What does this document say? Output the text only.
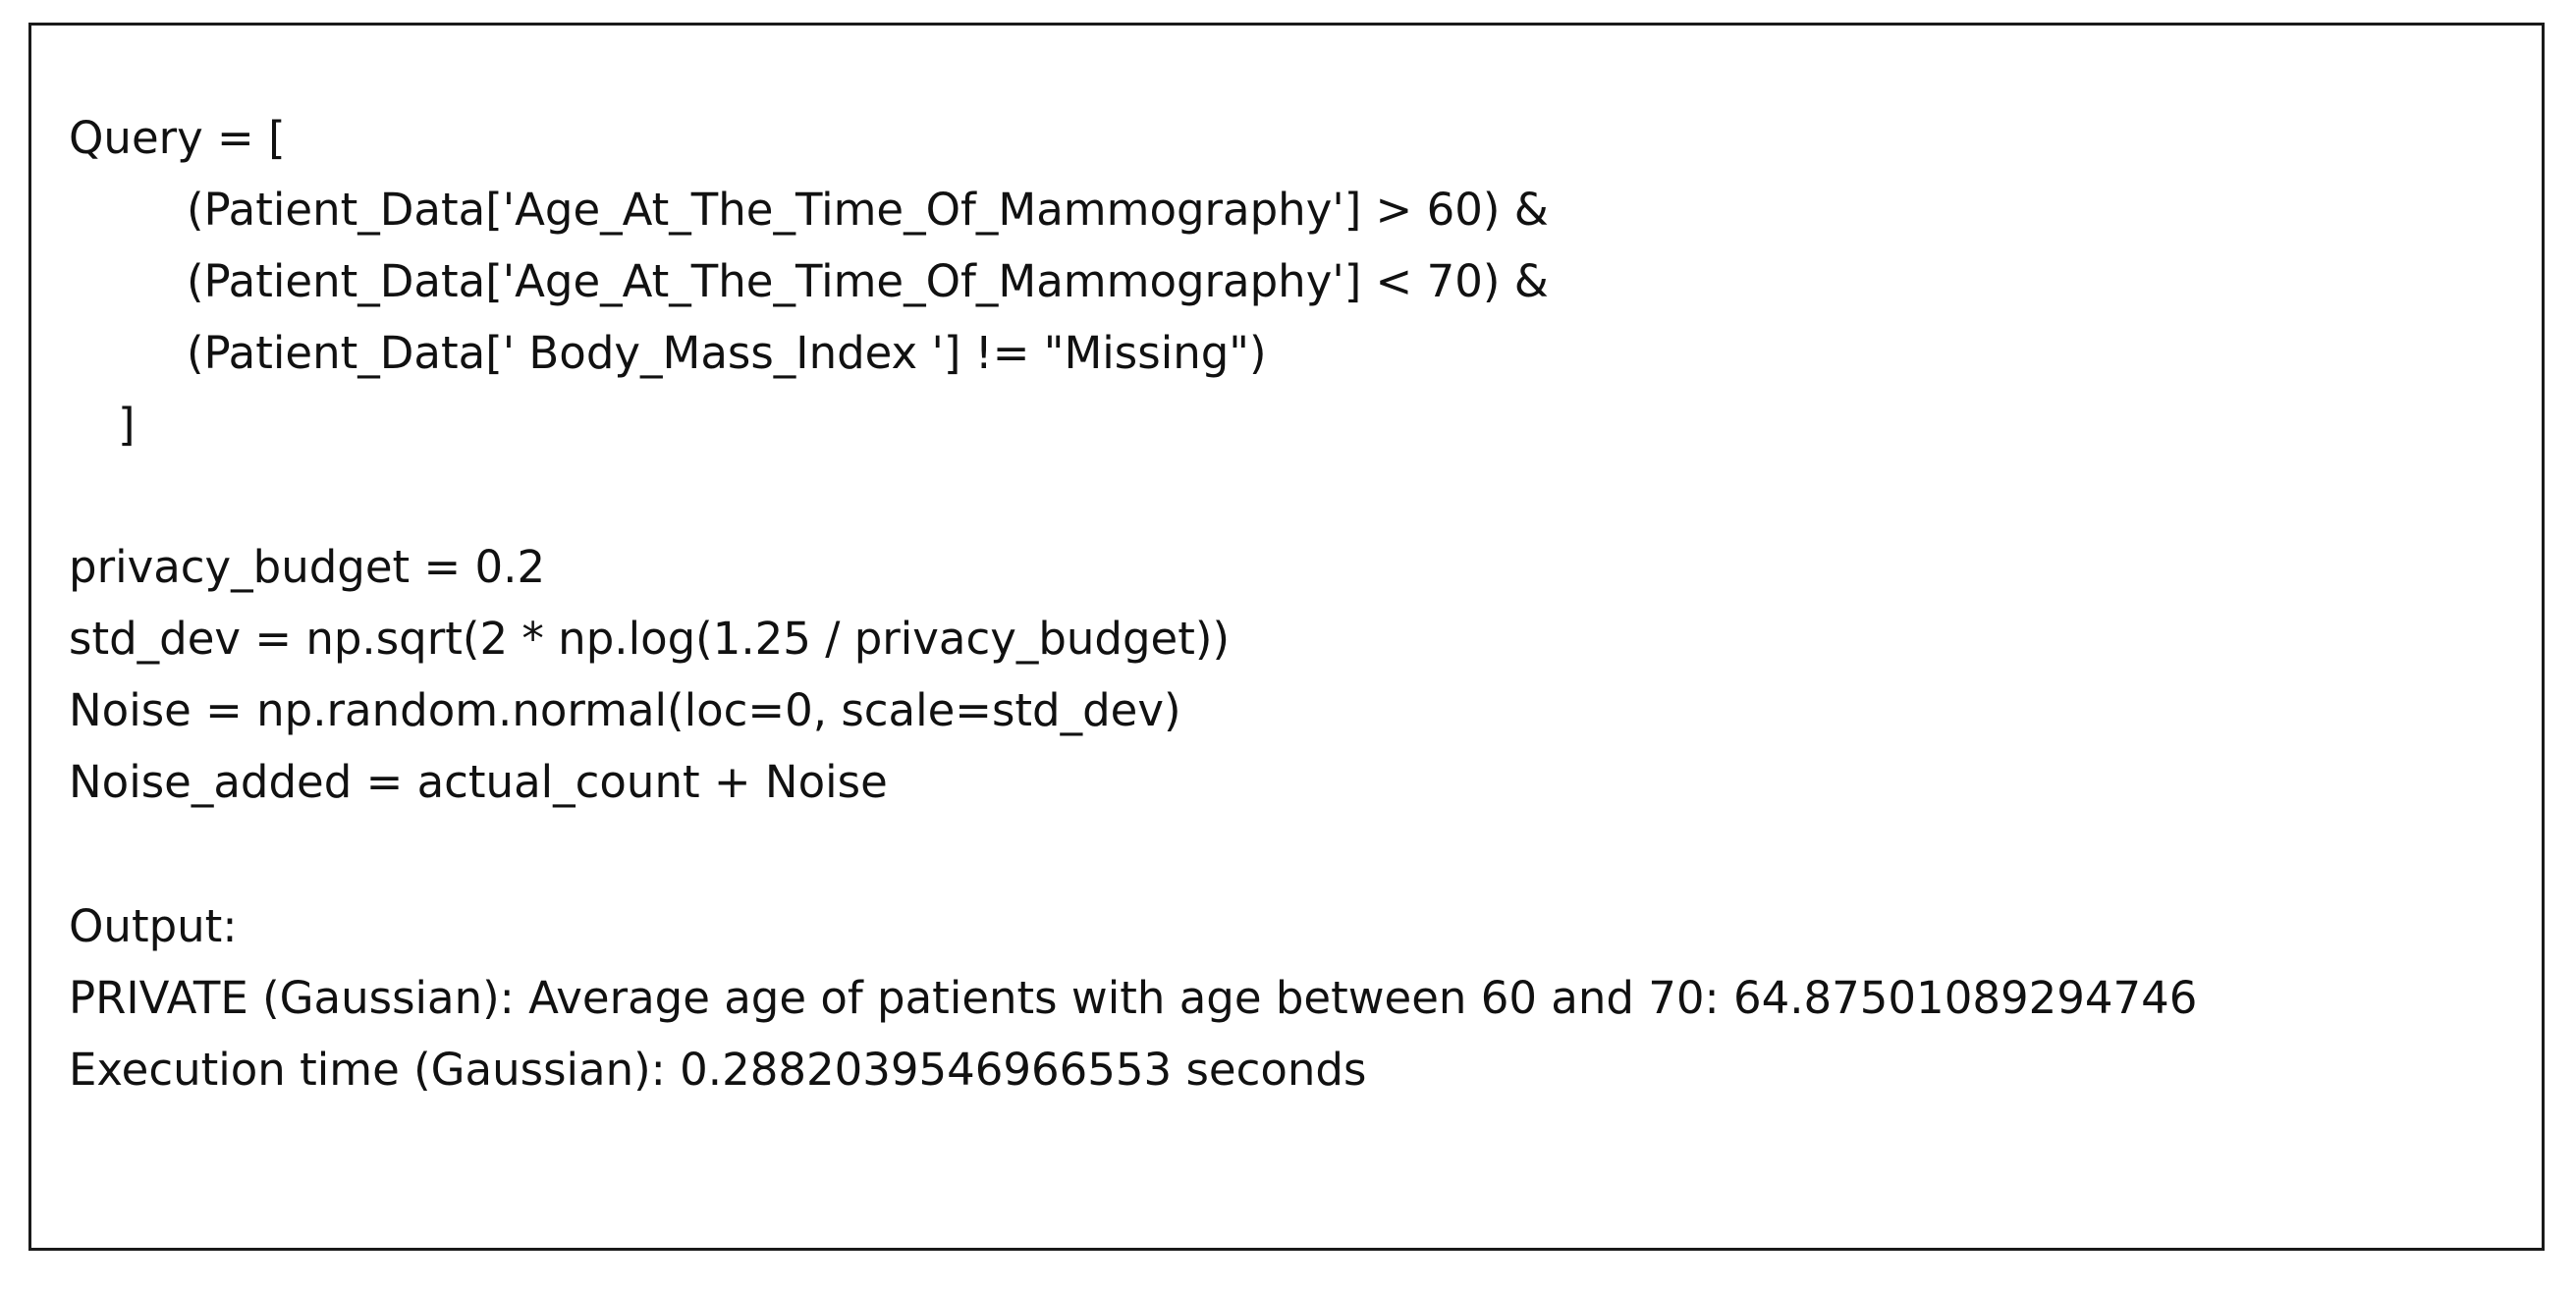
Query = [

(Patient_Data['Age_At_The_Time_Of_Mammography'] > 60) &

(Patient_Data['Age_At_The_Time_Of_Mammography'] < 70) &

(Patient_Data[' Body_Mass_Index '] != "Missing")

]

privacy_budget = 0.2

std_dev = np.sqrt(2 * np.log(1.25 / privacy_budget))

Noise = np.random.normal(loc=0, scale=std_dev)

Noise_added = actual_count + Noise

Output:

PRIVATE (Gaussian): Average age of patients with age between 60 and 70: 64.87501089294746

Execution time (Gaussian): 0.2882039546966553 seconds
